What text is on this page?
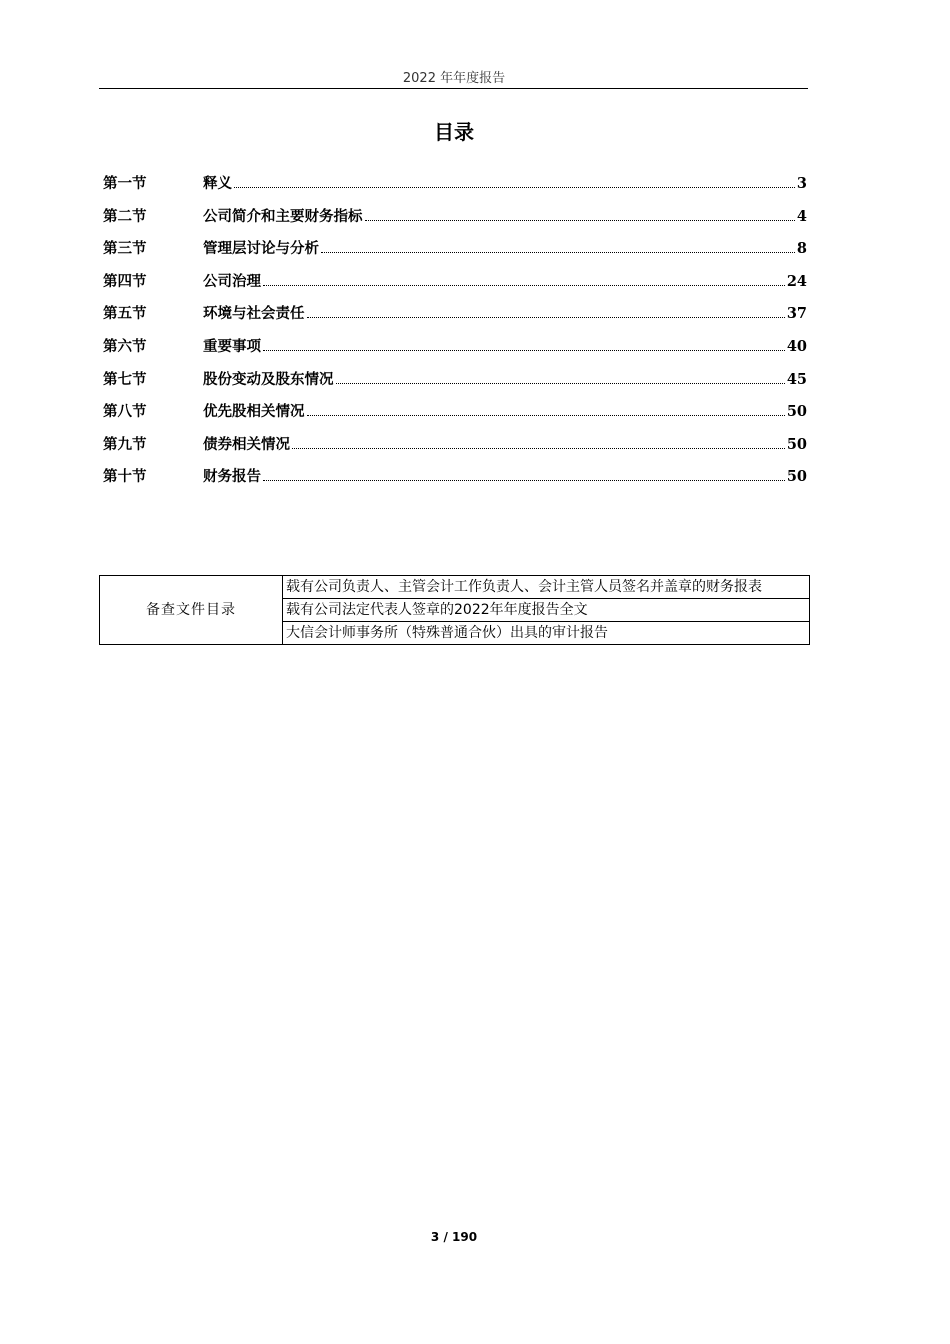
2022 年年度报告
目录
第一节	释义	3
第二节	公司简介和主要财务指标	4
第三节	管理层讨论与分析	8
第四节	公司治理	24
第五节	环境与社会责任	37
第六节	重要事项	40
第七节	股份变动及股东情况	45
第八节	优先股相关情况	50
第九节	债券相关情况	50
第十节	财务报告	50
备查文件目录	载有公司负责人、主管会计工作负责人、会计主管人员签名并盖章的财务报表
载有公司法定代表人签章的2022年年度报告全文
大信会计师事务所（特殊普通合伙）出具的审计报告
3 / 190
